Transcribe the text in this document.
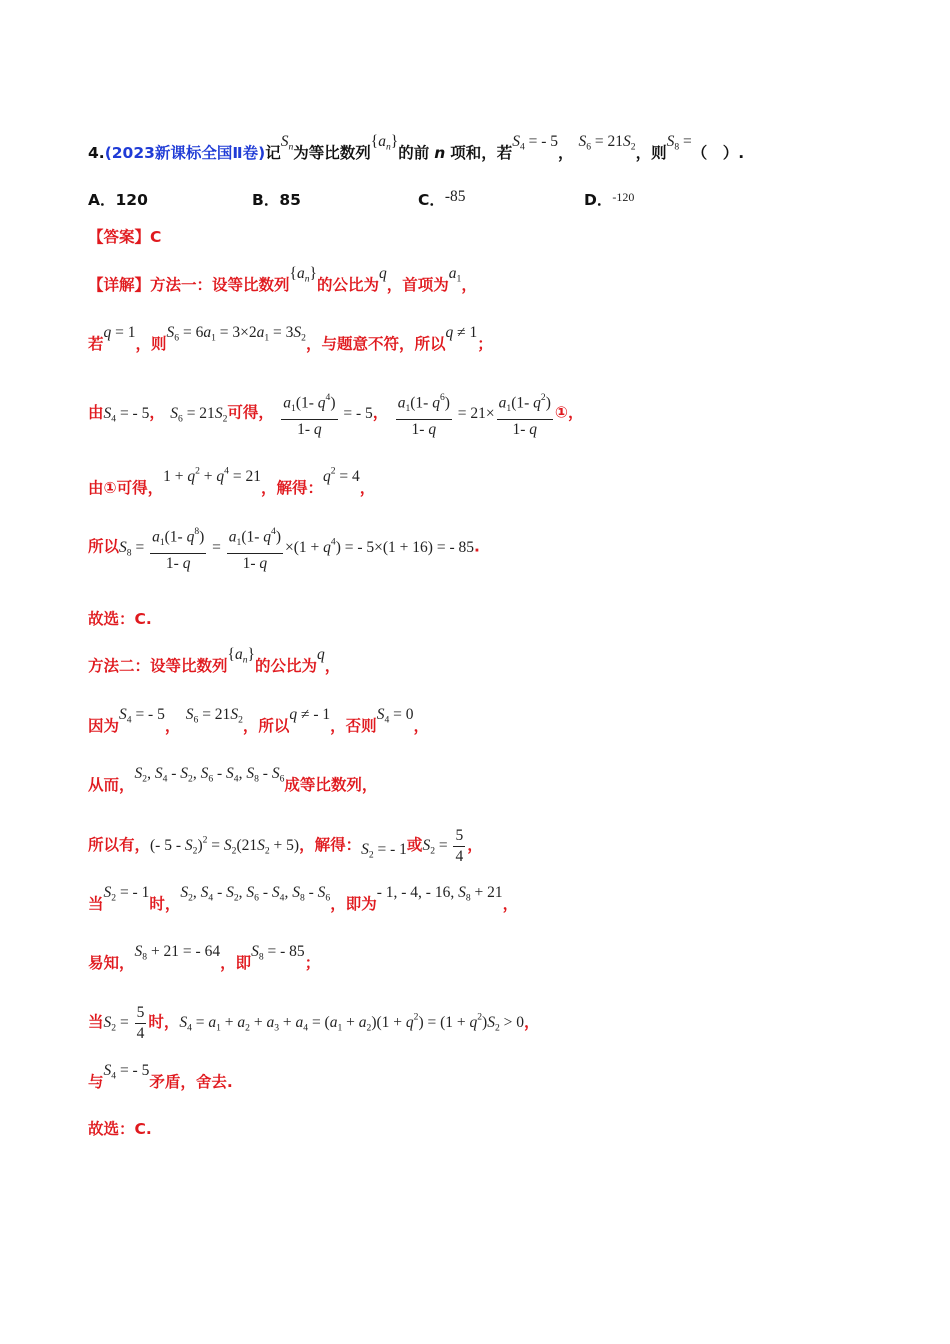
4.(2023新课标全国Ⅱ卷)记$S_n$为等比数列$\{a_n\}$的前 n 项和，若$S_4$ = - 5， $S_6 = 21S_2$，则$S_8$ =（　）.
A．120	B．85	C．-85	D．$^{-120}$
【答案】C
【详解】方法一：设等比数列$\{a_n\}$的公比为q，首项为$a_1$，
若q = 1，则$S_6 = 6a_1 = 3\times 2a_1 = 3S_2$，与题意不符，所以q ≠ 1；
由$S_4$ = - 5， $S_6 = 21S_2$可得， $\frac{a_1(1- q^4)}{1- q}$ = - 5， $\frac{a_1(1- q^6)}{1- q} = 21\times \frac{a_1(1- q^2)}{1- q}$ ①，
由①可得，$1 + q^2 + q^4 = 21$，解得：$q^2 = 4$，
所以$S_8 = \frac{a_1(1- q^8)}{1- q} = \frac{a_1(1- q^4)}{1- q} \times(1 + q^4)$ = - 5×(1 + 16) = - 85.
故选：C.
方法二：设等比数列$\{a_n\}$的公比为q，
因为$S_4$ = - 5， $S_6 = 21S_2$，所以q ≠ - 1，否则$S_4 = 0$，
从而，$S_2$, $S_4 - S_2$, $S_6 - S_4$, $S_8 - S_6$成等比数列，
所以有，(- $5 - S_2)^2 = S_2(21S_2 + 5)$，解得：$S_2$ = - 1或$S_2 = \frac{5}{4}$ ，
当$S_2$ = - 1时，$S_2$, $S_4 - S_2$, $S_6 - S_4$, $S_8 - S_6$，即为- 1, - 4, - 16, $S_8 + 21$，
易知，$S_8 + 21$ = - 64，即$S_8$ = - 85；
当$S_2 = \frac{5}{4}$ 时，$S_4 = a_1 + a_2 + a_3 + a_4 = (a_1 + a_2)(1 + q^2) = (1 + q^2)S_2 > 0$，
与$S_4$ = - 5矛盾，舍去.
故选：C.
